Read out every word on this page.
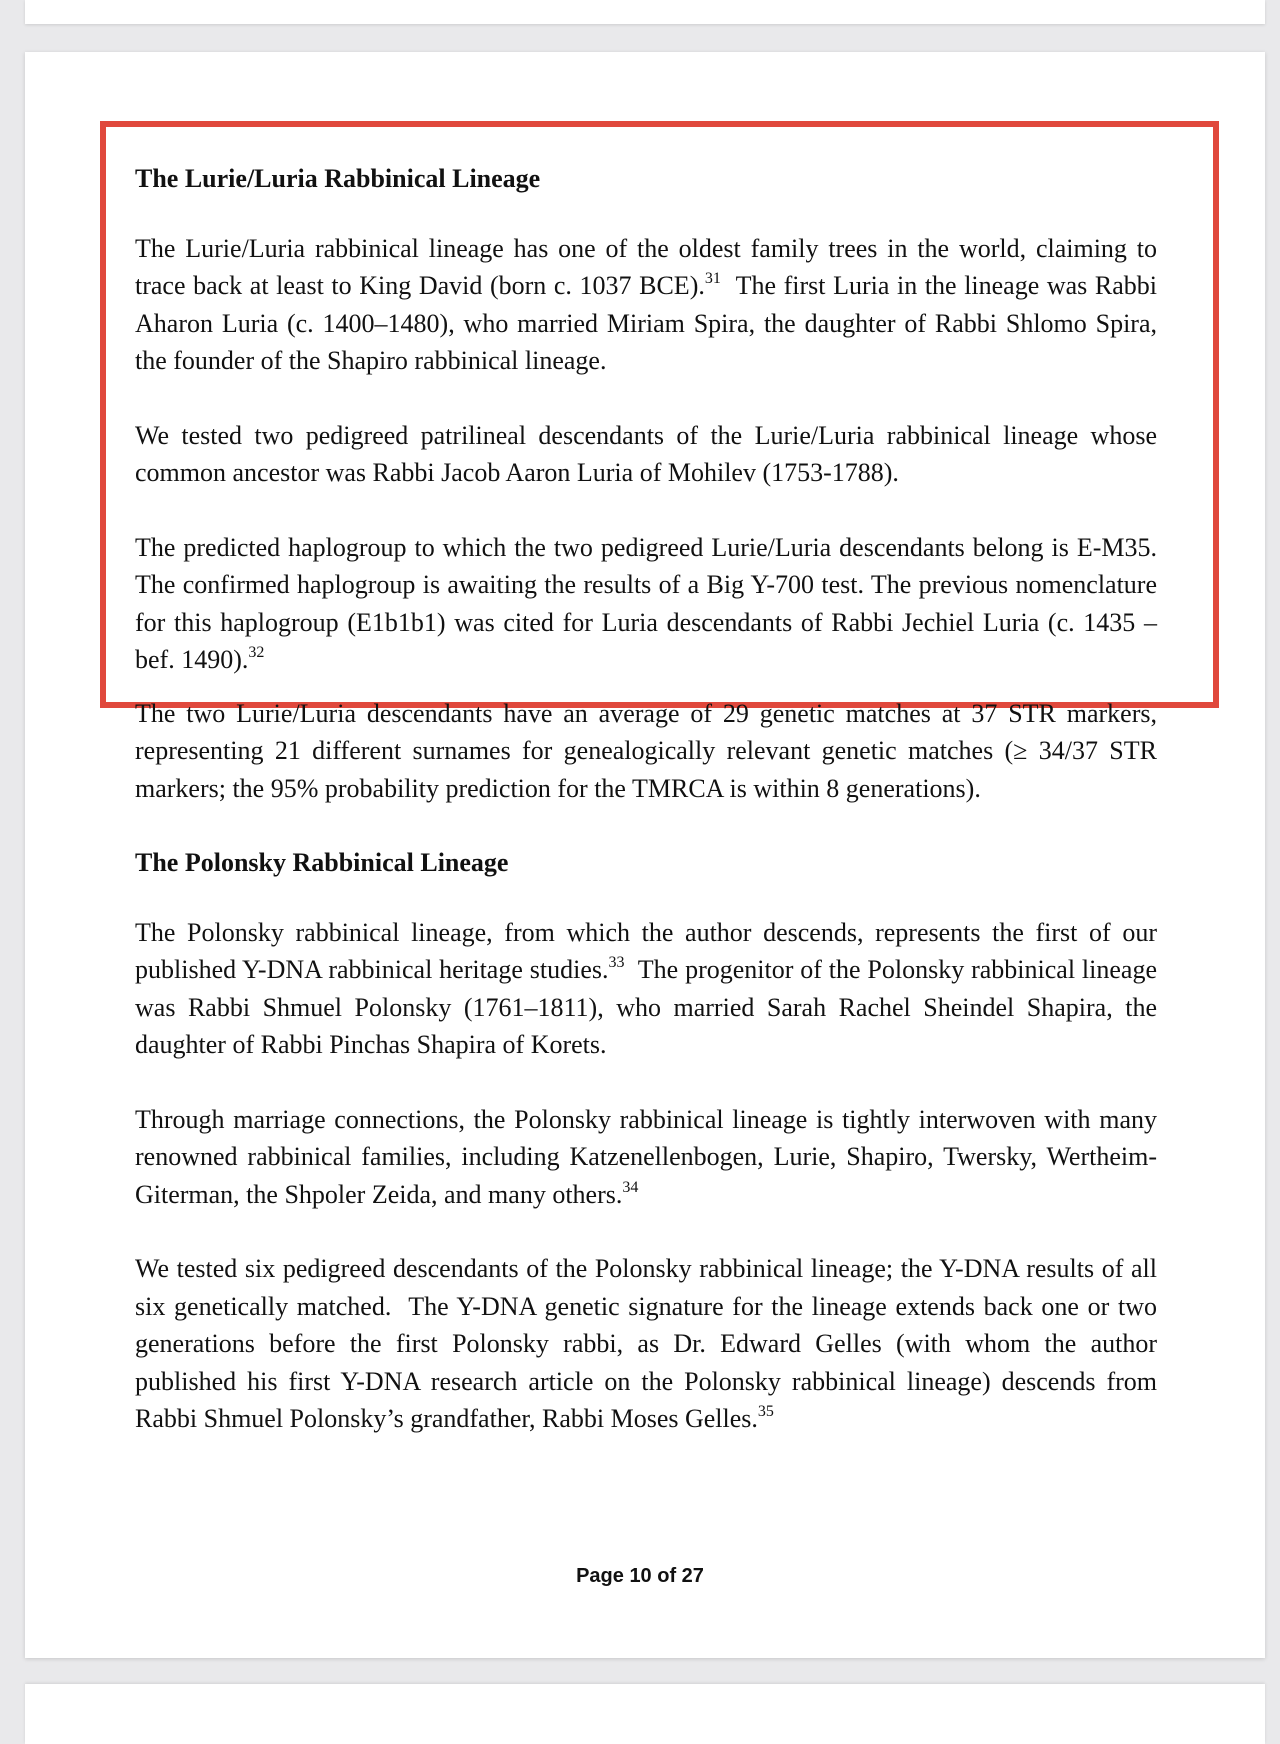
The Lurie/Luria Rabbinical Lineage

The Lurie/Luria rabbinical lineage has one of the oldest family trees in the world, claiming to trace back at least to King David (born c. 1037 BCE).$^{31}$  The first Luria in the lineage was Rabbi Aharon Luria (c. 1400–1480), who married Miriam Spira, the daughter of Rabbi Shlomo Spira, the founder of the Shapiro rabbinical lineage.

We tested two pedigreed patrilineal descendants of the Lurie/Luria rabbinical lineage whose common ancestor was Rabbi Jacob Aaron Luria of Mohilev (1753-1788).

The predicted haplogroup to which the two pedigreed Lurie/Luria descendants belong is E-M35.  The confirmed haplogroup is awaiting the results of a Big Y-700 test. The previous nomenclature for this haplogroup (E1b1b1) was cited for Luria descendants of Rabbi Jechiel Luria (c. 1435 – bef. 1490).$^{32}$

The two Lurie/Luria descendants have an average of 29 genetic matches at 37 STR markers, representing 21 different surnames for genealogically relevant genetic matches (≥ 34/37 STR markers; the 95% probability prediction for the TMRCA is within 8 generations).

The Polonsky Rabbinical Lineage

The Polonsky rabbinical lineage, from which the author descends, represents the first of our published Y-DNA rabbinical heritage studies.$^{33}$  The progenitor of the Polonsky rabbinical lineage was Rabbi Shmuel Polonsky (1761–1811), who married Sarah Rachel Sheindel Shapira, the daughter of Rabbi Pinchas Shapira of Korets.

Through marriage connections, the Polonsky rabbinical lineage is tightly interwoven with many renowned rabbinical families, including Katzenellenbogen, Lurie, Shapiro, Twersky, Wertheim-Giterman, the Shpoler Zeida, and many others.$^{34}$

We tested six pedigreed descendants of the Polonsky rabbinical lineage; the Y-DNA results of all six genetically matched.  The Y-DNA genetic signature for the lineage extends back one or two generations before the first Polonsky rabbi, as Dr. Edward Gelles (with whom the author published his first Y-DNA research article on the Polonsky rabbinical lineage) descends from Rabbi Shmuel Polonsky’s grandfather, Rabbi Moses Gelles.$^{35}$

Page 10 of 27
